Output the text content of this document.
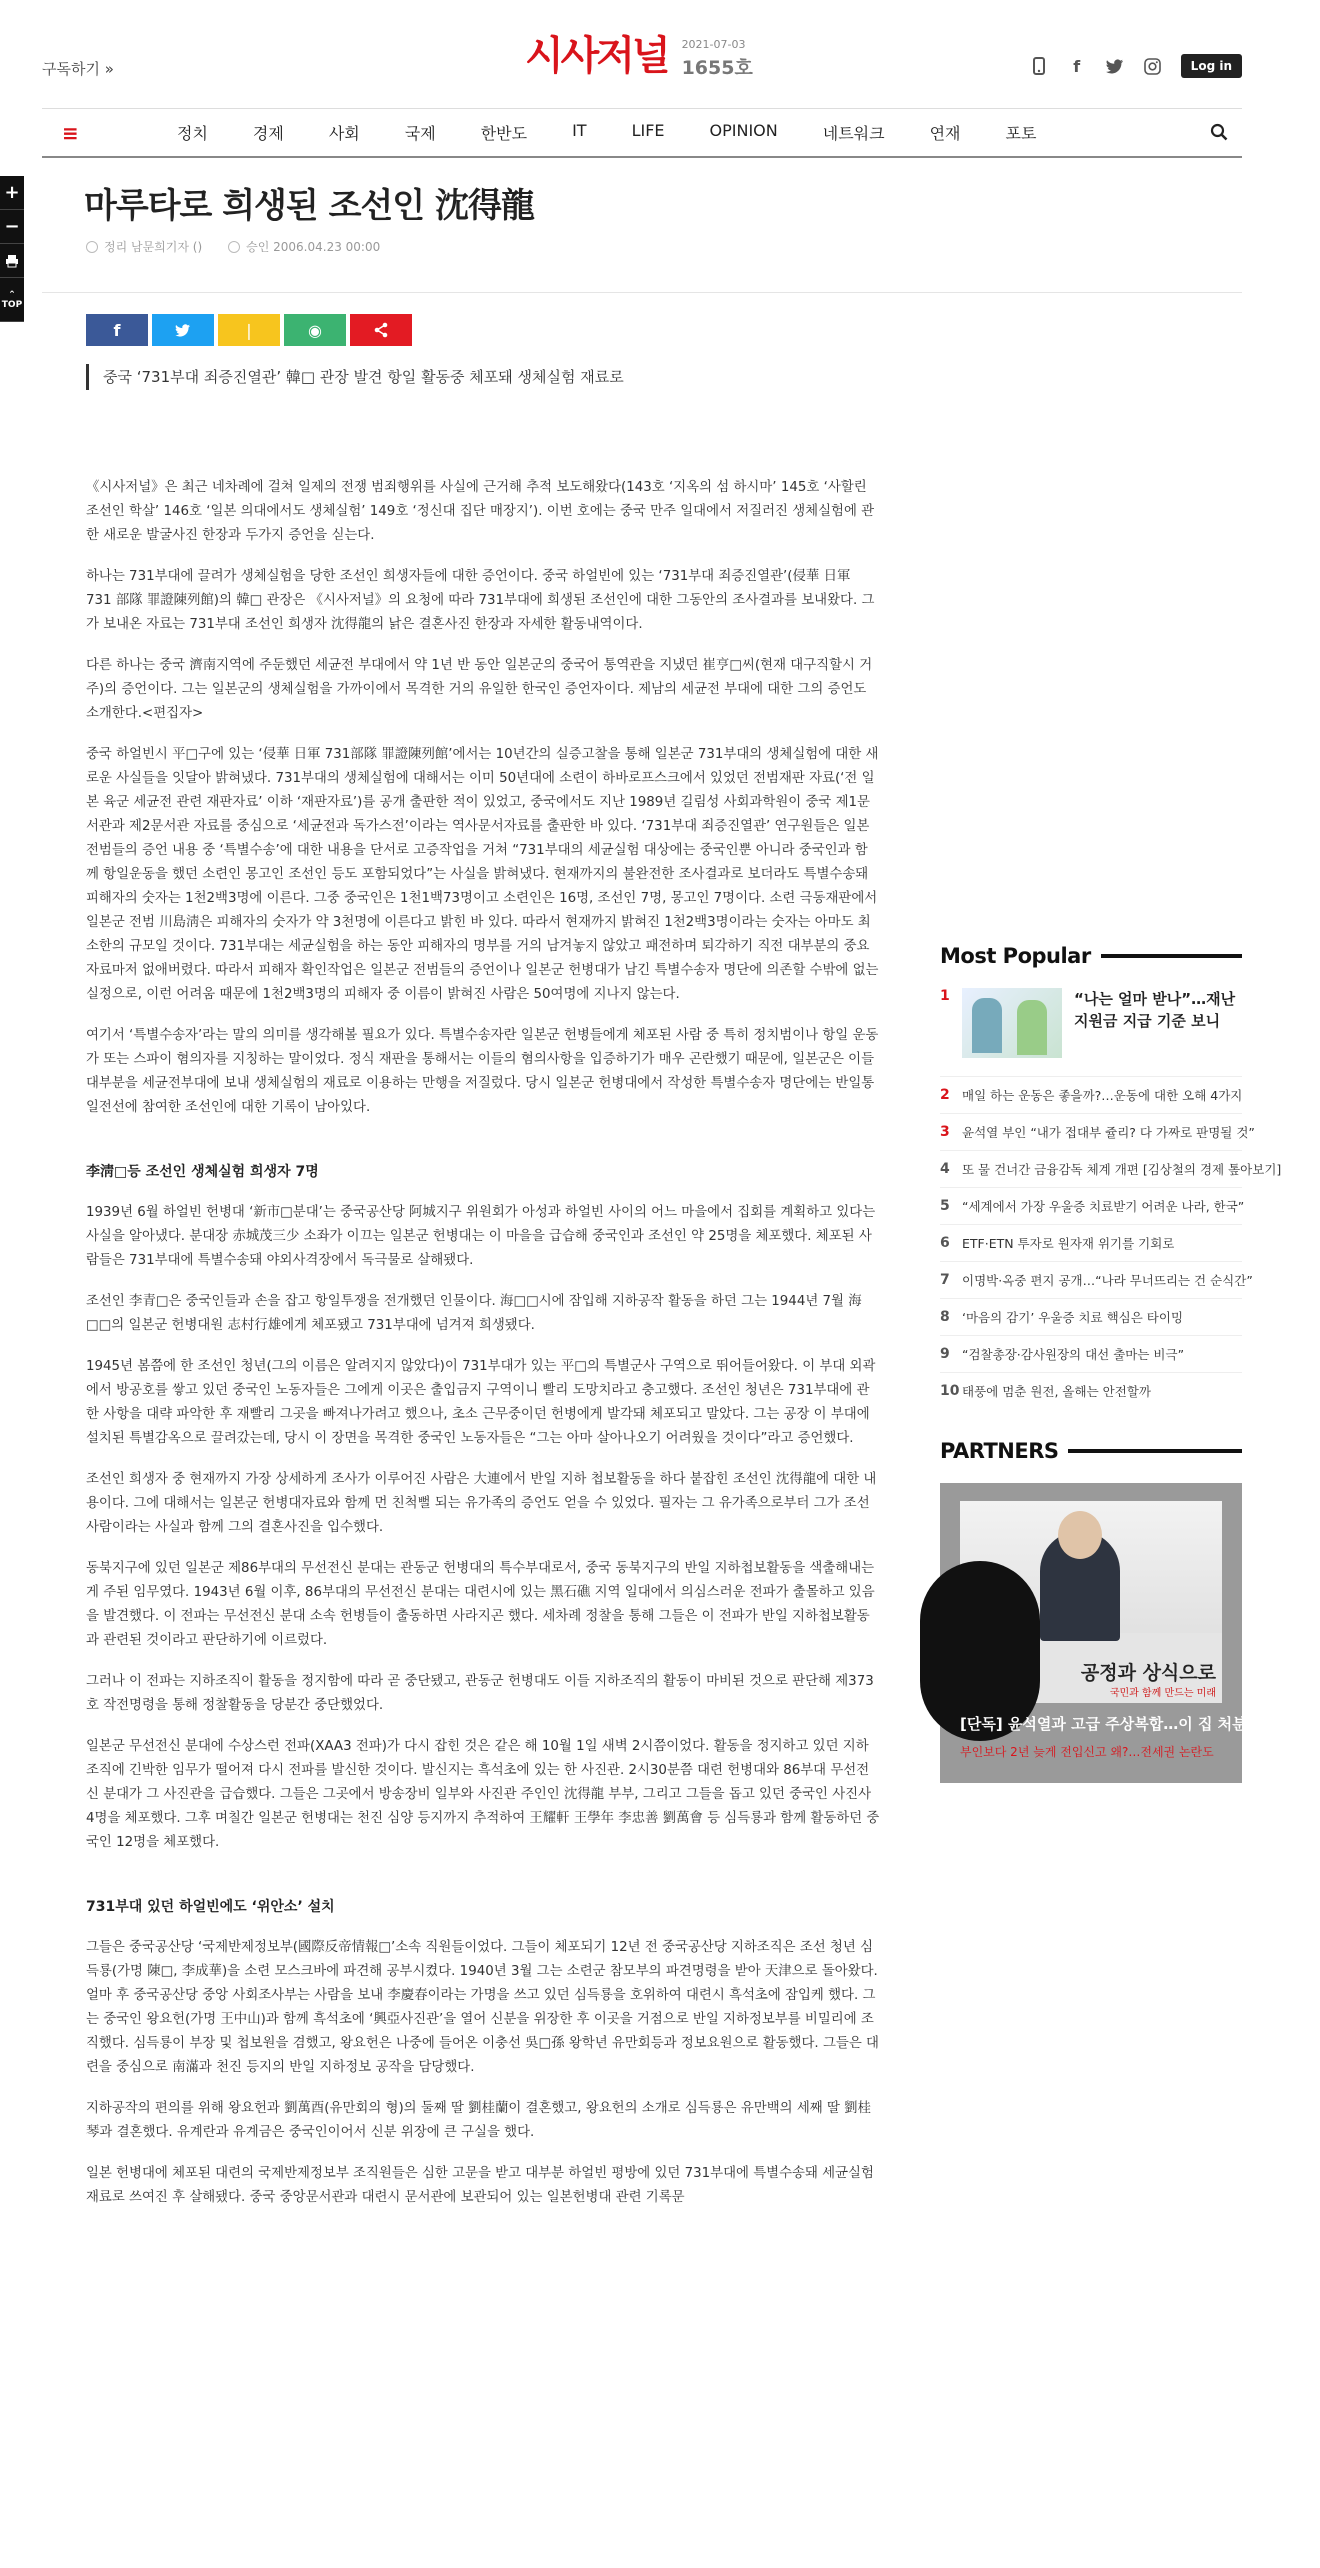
구독하기 »	시사저널 2021-07-03
1655호	f	Log in
≡	정치	경제	사회	국제	한반도	IT	LIFE	OPINION	네트워크	연재	포토
+
−
⌃
TOP
마루타로 희생된 조선인 沈得龍
정리 남문희기자 ()	승인 2006.04.23 00:00
f	❘	◉
중국 ‘731부대 죄증진열관’ 韓□ 관장 발견 항일 활동중 체포돼 생체실험 재료로

《시사저널》은 최근 네차례에 걸쳐 일제의 전쟁 범죄행위를 사실에 근거해 추적 보도해왔다(143호 ‘지옥의 섬 하시마’ 145호 ‘사할린 조선인 학살’ 146호 ‘일본 의대에서도 생체실험’ 149호 ‘정신대 집단 매장지’). 이번 호에는 중국 만주 일대에서 저질러진 생체실험에 관한 새로운 발굴사진 한장과 두가지 증언을 싣는다.

하나는 731부대에 끌려가 생체실험을 당한 조선인 희생자들에 대한 증언이다. 중국 하얼빈에 있는 ‘731부대 죄증진열관’(侵華 日軍 731 部隊 罪證陳列館)의 韓□ 관장은 《시사저널》의 요청에 따라 731부대에 희생된 조선인에 대한 그동안의 조사결과를 보내왔다. 그가 보내온 자료는 731부대 조선인 희생자 沈得龍의 낡은 결혼사진 한장과 자세한 활동내역이다.

다른 하나는 중국 濟南지역에 주둔했던 세균전 부대에서 약 1년 반 동안 일본군의 중국어 통역관을 지냈던 崔亨□씨(현재 대구직할시 거주)의 증언이다. 그는 일본군의 생체실험을 가까이에서 목격한 거의 유일한 한국인 증언자이다. 제남의 세균전 부대에 대한 그의 증언도 소개한다.<편집자>

중국 하얼빈시 平□구에 있는 ‘侵華 日軍 731部隊 罪證陳列館’에서는 10년간의 실증고찰을 통해 일본군 731부대의 생체실험에 대한 새로운 사실들을 잇달아 밝혀냈다. 731부대의 생체실험에 대해서는 이미 50년대에 소련이 하바로프스크에서 있었던 전범재판 자료(‘전 일본 육군 세균전 관련 재판자료’ 이하 ‘재판자료’)를 공개 출판한 적이 있었고, 중국에서도 지난 1989년 길림성 사회과학원이 중국 제1문서관과 제2문서관 자료를 중심으로 ‘세균전과 독가스전’이라는 역사문서자료를 출판한 바 있다. ‘731부대 죄증진열관’ 연구원들은 일본 전범들의 증언 내용 중 ‘특별수송’에 대한 내용을 단서로 고증작업을 거쳐 “731부대의 세균실험 대상에는 중국인뿐 아니라 중국인과 함께 항일운동을 했던 소련인 몽고인 조선인 등도 포함되었다”는 사실을 밝혀냈다. 현재까지의 불완전한 조사결과로 보더라도 특별수송돼 피해자의 숫자는 1천2백3명에 이른다. 그중 중국인은 1천1백73명이고 소련인은 16명, 조선인 7명, 몽고인 7명이다. 소련 극동재판에서 일본군 전범 川島淸은 피해자의 숫자가 약 3천명에 이른다고 밝힌 바 있다. 따라서 현재까지 밝혀진 1천2백3명이라는 숫자는 아마도 최소한의 규모일 것이다. 731부대는 세균실험을 하는 동안 피해자의 명부를 거의 남겨놓지 않았고 패전하며 퇴각하기 직전 대부분의 중요자료마저 없애버렸다. 따라서 피해자 확인작업은 일본군 전범들의 증언이나 일본군 헌병대가 남긴 특별수송자 명단에 의존할 수밖에 없는 실정으로, 이런 어려움 때문에 1천2백3명의 피해자 중 이름이 밝혀진 사람은 50여명에 지나지 않는다.

여기서 ‘특별수송자’라는 말의 의미를 생각해볼 필요가 있다. 특별수송자란 일본군 헌병들에게 체포된 사람 중 특히 정치범이나 항일 운동가 또는 스파이 혐의자를 지칭하는 말이었다. 정식 재판을 통해서는 이들의 혐의사항을 입증하기가 매우 곤란했기 때문에, 일본군은 이들 대부분을 세균전부대에 보내 생체실험의 재료로 이용하는 만행을 저질렀다. 당시 일본군 헌병대에서 작성한 특별수송자 명단에는 반일통일전선에 참여한 조선인에 대한 기록이 남아있다.

李淸□등 조선인 생체실험 희생자 7명

1939년 6월 하얼빈 헌병대 ‘新市□분대’는 중국공산당 阿城지구 위원회가 아성과 하얼빈 사이의 어느 마을에서 집회를 계획하고 있다는 사실을 알아냈다. 분대장 赤城茂三少 소좌가 이끄는 일본군 헌병대는 이 마을을 급습해 중국인과 조선인 약 25명을 체포했다. 체포된 사람들은 731부대에 특별수송돼 야외사격장에서 독극물로 살해됐다.

조선인 李青□은 중국인들과 손을 잡고 항일투쟁을 전개했던 인물이다. 海□□시에 잠입해 지하공작 활동을 하던 그는 1944년 7월 海□□의 일본군 헌병대원 志村行雄에게 체포됐고 731부대에 넘겨져 희생됐다.

1945년 봄쯤에 한 조선인 청년(그의 이름은 알려지지 않았다)이 731부대가 있는 平□의 특별군사 구역으로 뛰어들어왔다. 이 부대 외곽에서 방공호를 쌓고 있던 중국인 노동자들은 그에게 이곳은 출입금지 구역이니 빨리 도망치라고 충고했다. 조선인 청년은 731부대에 관한 사항을 대략 파악한 후 재빨리 그곳을 빠져나가려고 했으나, 초소 근무중이던 헌병에게 발각돼 체포되고 말았다. 그는 공장 이 부대에 설치된 특별감옥으로 끌려갔는데, 당시 이 장면을 목격한 중국인 노동자들은 “그는 아마 살아나오기 어려웠을 것이다”라고 증언했다.

조선인 희생자 중 현재까지 가장 상세하게 조사가 이루어진 사람은 大連에서 반일 지하 첩보활동을 하다 붙잡힌 조선인 沈得龍에 대한 내용이다. 그에 대해서는 일본군 헌병대자료와 함께 먼 친척뻘 되는 유가족의 증언도 얻을 수 있었다. 필자는 그 유가족으로부터 그가 조선사람이라는 사실과 함께 그의 결혼사진을 입수했다.

동북지구에 있던 일본군 제86부대의 무선전신 분대는 관동군 헌병대의 특수부대로서, 중국 동북지구의 반일 지하첩보활동을 색출해내는 게 주된 임무였다. 1943년 6월 이후, 86부대의 무선전신 분대는 대련시에 있는 黑石礁 지역 일대에서 의심스러운 전파가 출몰하고 있음을 발견했다. 이 전파는 무선전신 분대 소속 헌병들이 출동하면 사라지곤 했다. 세차례 정찰을 통해 그들은 이 전파가 반일 지하첩보활동과 관련된 것이라고 판단하기에 이르렀다.

그러나 이 전파는 지하조직이 활동을 정지함에 따라 곧 중단됐고, 관동군 헌병대도 이들 지하조직의 활동이 마비된 것으로 판단해 제373호 작전명령을 통해 정찰활동을 당분간 중단했었다.

일본군 무선전신 분대에 수상스런 전파(XAA3 전파)가 다시 잡힌 것은 같은 해 10월 1일 새벽 2시쯤이었다. 활동을 정지하고 있던 지하조직에 긴박한 임무가 떨어져 다시 전파를 발신한 것이다. 발신지는 흑석초에 있는 한 사진관. 2시30분쯤 대련 헌병대와 86부대 무선전신 분대가 그 사진관을 급습했다. 그들은 그곳에서 방송장비 일부와 사진관 주인인 沈得龍 부부, 그리고 그들을 돕고 있던 중국인 사진사 4명을 체포했다. 그후 며칠간 일본군 헌병대는 천진 심양 등지까지 추적하여 王耀軒 王學年 李忠善 劉萬會 등 심득룡과 함께 활동하던 중국인 12명을 체포했다.

731부대 있던 하얼빈에도 ‘위안소’ 설치

그들은 중국공산당 ‘국제반제정보부(國際反帝情報□’소속 직원들이었다. 그들이 체포되기 12년 전 중국공산당 지하조직은 조선 청년 심득룡(가명 陳□, 李成華)을 소련 모스크바에 파견해 공부시켰다. 1940년 3월 그는 소련군 참모부의 파견명령을 받아 天津으로 돌아왔다. 얼마 후 중국공산당 중앙 사회조사부는 사람을 보내 李慶春이라는 가명을 쓰고 있던 심득룡을 호위하여 대련시 흑석초에 잠입케 했다. 그는 중국인 왕요헌(가명 王中山)과 함께 흑석초에 ‘興亞사진관’을 열어 신분을 위장한 후 이곳을 거점으로 반일 지하정보부를 비밀리에 조직했다. 심득룡이 부장 및 첩보원을 겸했고, 왕요헌은 나중에 들어온 이충선 吳□孫 왕학년 유만회등과 정보요원으로 활동했다. 그들은 대련을 중심으로 南滿과 천진 등지의 반일 지하정보 공작을 담당했다.

지하공작의 편의를 위해 왕요헌과 劉萬酉(유만회의 형)의 둘째 딸 劉桂蘭이 결혼했고, 왕요헌의 소개로 심득룡은 유만백의 세째 딸 劉桂琴과 결혼했다. 유계란과 유계금은 중국인이어서 신분 위장에 큰 구실을 했다.

일본 헌병대에 체포된 대련의 국제반제정보부 조직원들은 심한 고문을 받고 대부분 하얼빈 평방에 있던 731부대에 특별수송돼 세균실험 재료로 쓰여진 후 살해됐다. 중국 중앙문서관과 대련시 문서관에 보관되어 있는 일본헌병대 관련 기록문

Most Popular
1	“나는 얼마 받나”…재난지원금 지급 기준 보니
2 매일 하는 운동은 좋을까?…운동에 대한 오해 4가지
3 윤석열 부인 “내가 접대부 쥴리? 다 가짜로 판명될 것”
4 또 물 건너간 금융감독 체계 개편 [김상철의 경제 톺아보기]
5 “세계에서 가장 우울증 치료받기 어려운 나라, 한국”
6 ETF·ETN 투자로 원자재 위기를 기회로
7 이명박·옥중 편지 공개…“나라 무너뜨리는 건 순식간”
8 ‘마음의 감기’ 우울증 치료 핵심은 타이밍
9 “검찰총장·감사원장의 대선 출마는 비극”
10 태풍에 멈춘 원전, 올해는 안전할까
PARTNERS
공정과 상식으로
국민과 함께 만드는 미래
[단독] 윤석열과 고급 주상복합…이 집 처분 안 한 이유
부인보다 2년 늦게 전입신고 왜?…전세권 논란도
